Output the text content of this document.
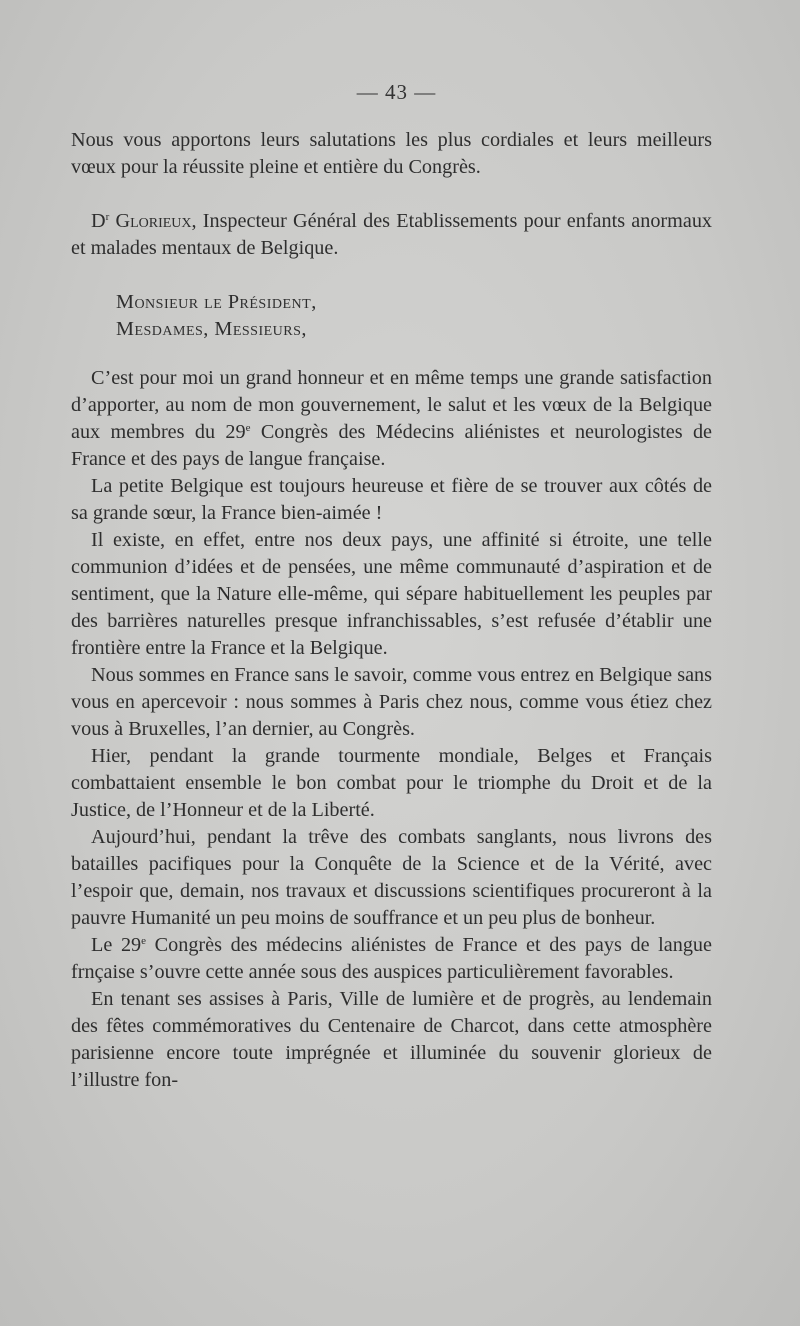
— 43 —

Nous vous apportons leurs salutations les plus cordiales et leurs meilleurs vœux pour la réussite pleine et entière du Congrès.

$D^r$ Glorieux, Inspecteur Général des Etablissements pour enfants anormaux et malades mentaux de Belgique.

Monsieur le Président,

Mesdames, Messieurs,

C’est pour moi un grand honneur et en même temps une grande satisfaction d’apporter, au nom de mon gouvernement, le salut et les vœux de la Belgique aux membres du 29e Congrès des Médecins aliénistes et neurologistes de France et des pays de langue française.

La petite Belgique est toujours heureuse et fière de se trouver aux côtés de sa grande sœur, la France bien-aimée !

Il existe, en effet, entre nos deux pays, une affinité si étroite, une telle communion d’idées et de pensées, une même communauté d’aspiration et de sentiment, que la Nature elle-même, qui sépare habituellement les peuples par des barrières naturelles presque infranchissables, s’est refusée d’établir une frontière entre la France et la Belgique.

Nous sommes en France sans le savoir, comme vous entrez en Belgique sans vous en apercevoir : nous sommes à Paris chez nous, comme vous étiez chez vous à Bruxelles, l’an dernier, au Congrès.

Hier, pendant la grande tourmente mondiale, Belges et Français combattaient ensemble le bon combat pour le triomphe du Droit et de la Justice, de l’Honneur et de la Liberté.

Aujourd’hui, pendant la trêve des combats sanglants, nous livrons des batailles pacifiques pour la Conquête de la Science et de la Vérité, avec l’espoir que, demain, nos travaux et discussions scientifiques procureront à la pauvre Humanité un peu moins de souffrance et un peu plus de bonheur.

Le 29e Congrès des médecins aliénistes de France et des pays de langue frnçaise s’ouvre cette année sous des auspices particulièrement favorables.

En tenant ses assises à Paris, Ville de lumière et de progrès, au lendemain des fêtes commémoratives du Centenaire de Charcot, dans cette atmosphère parisienne encore toute imprégnée et illuminée du souvenir glorieux de l’illustre fon-
